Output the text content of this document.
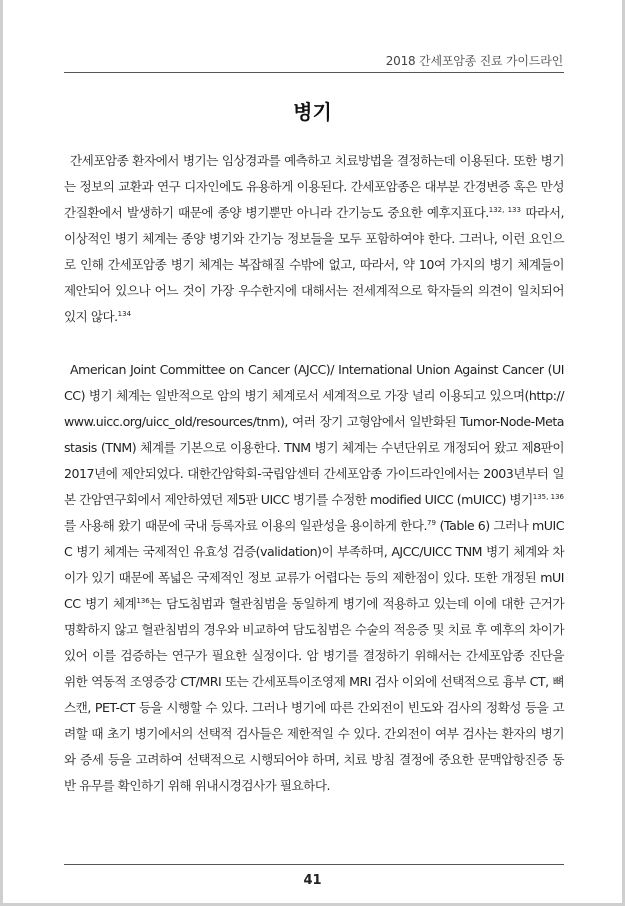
2018 간세포암종 진료 가이드라인
병기

간세포암종 환자에서 병기는 임상경과를 예측하고 치료방법을 결정하는데 이용된다. 또한 병기는 정보의 교환과 연구 디자인에도 유용하게 이용된다. 간세포암종은 대부분 간경변증 혹은 만성 간질환에서 발생하기 때문에 종양 병기뿐만 아니라 간기능도 중요한 예후지표다.$^{132, 133}$ 따라서, 이상적인 병기 체계는 종양 병기와 간기능 정보들을 모두 포함하여야 한다. 그러나, 이런 요인으로 인해 간세포암종 병기 체계는 복잡해질 수밖에 없고, 따라서, 약 10여 가지의 병기 체계들이 제안되어 있으나 어느 것이 가장 우수한지에 대해서는 전세계적으로 학자들의 의견이 일치되어 있지 않다.$^{134}$

American Joint Committee on Cancer (AJCC)/ International Union Against Cancer (UICC) 병기 체계는 일반적으로 암의 병기 체계로서 세계적으로 가장 널리 이용되고 있으며(http://www.uicc.org/uicc_old/resources/tnm), 여러 장기 고형암에서 일반화된 Tumor-Node-Metastasis (TNM) 체계를 기본으로 이용한다. TNM 병기 체계는 수년단위로 개정되어 왔고 제8판이 2017년에 제안되었다. 대한간암학회-국립암센터 간세포암종 가이드라인에서는 2003년부터 일본 간암연구회에서 제안하였던 제5판 UICC 병기를 수정한 modified UICC (mUICC) 병기$^{135, 136}$를 사용해 왔기 때문에 국내 등록자료 이용의 일관성을 용이하게 한다.$^{79}$ (Table 6) 그러나 mUICC 병기 체계는 국제적인 유효성 검증(validation)이 부족하며, AJCC/UICC TNM 병기 체계와 차이가 있기 때문에 폭넓은 국제적인 정보 교류가 어렵다는 등의 제한점이 있다. 또한 개정된 mUICC 병기 체계$^{136}$는 담도침범과 혈관침범을 동일하게 병기에 적용하고 있는데 이에 대한 근거가 명확하지 않고 혈관침범의 경우와 비교하여 담도침범은 수술의 적응증 및 치료 후 예후의 차이가 있어 이를 검증하는 연구가 필요한 실정이다. 암 병기를 결정하기 위해서는 간세포암종 진단을 위한 역동적 조영증강 CT/MRI 또는 간세포특이조영제 MRI 검사 이외에 선택적으로 흉부 CT, 뼈 스캔, PET-CT 등을 시행할 수 있다. 그러나 병기에 따른 간외전이 빈도와 검사의 정확성 등을 고려할 때 초기 병기에서의 선택적 검사들은 제한적일 수 있다. 간외전이 여부 검사는 환자의 병기와 증세 등을 고려하여 선택적으로 시행되어야 하며, 치료 방침 결정에 중요한 문맥압항진증 동반 유무를 확인하기 위해 위내시경검사가 필요하다.

41
